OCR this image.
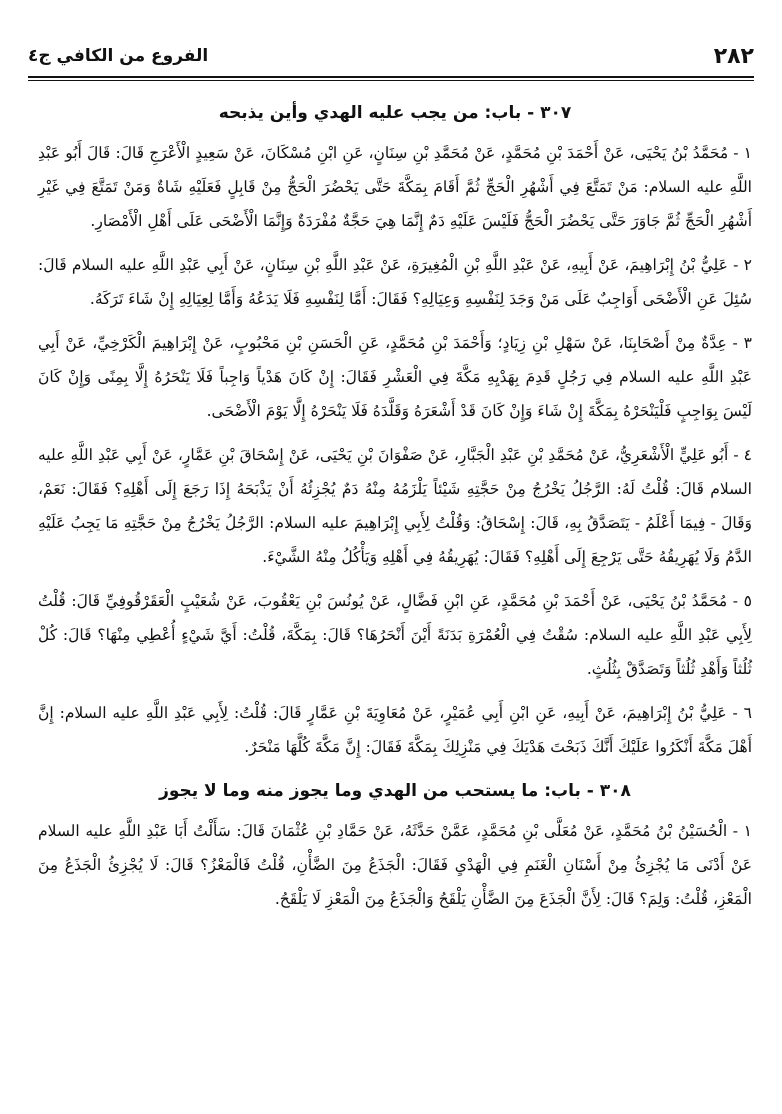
الفروع من الكافي ج٤	٢٨٢
٣٠٧ - باب: من يجب عليه الهدي وأين يذبحه

١ - مُحَمَّدُ بْنُ يَحْيَى، عَنْ أَحْمَدَ بْنِ مُحَمَّدٍ، عَنْ مُحَمَّدِ بْنِ سِنَانٍ، عَنِ ابْنِ مُسْكَانَ، عَنْ سَعِيدٍ الْأَعْرَجِ قَالَ: قَالَ أَبُو عَبْدِ اللَّهِ عليه السلام: مَنْ تَمَتَّعَ فِي أَشْهُرِ الْحَجِّ ثُمَّ أَقَامَ بِمَكَّةَ حَتَّى يَحْضُرَ الْحَجُّ مِنْ قَابِلٍ فَعَلَيْهِ شَاةٌ وَمَنْ تَمَتَّعَ فِي غَيْرِ أَشْهُرِ الْحَجِّ ثُمَّ جَاوَرَ حَتَّى يَحْضُرَ الْحَجُّ فَلَيْسَ عَلَيْهِ دَمٌ إِنَّمَا هِيَ حَجَّةٌ مُفْرَدَةٌ وَإِنَّمَا الْأَضْحَى عَلَى أَهْلِ الْأَمْصَارِ.

٢ - عَلِيُّ بْنُ إِبْرَاهِيمَ، عَنْ أَبِيهِ، عَنْ عَبْدِ اللَّهِ بْنِ الْمُغِيرَةِ، عَنْ عَبْدِ اللَّهِ بْنِ سِنَانٍ، عَنْ أَبِي عَبْدِ اللَّهِ عليه السلام قَالَ: سُئِلَ عَنِ الْأَضْحَى أَوَاجِبٌ عَلَى مَنْ وَجَدَ لِنَفْسِهِ وَعِيَالِهِ؟ فَقَالَ: أَمَّا لِنَفْسِهِ فَلَا يَدَعُهُ وَأَمَّا لِعِيَالِهِ إِنْ شَاءَ تَرَكَهُ.

٣ - عِدَّةٌ مِنْ أَصْحَابِنَا، عَنْ سَهْلِ بْنِ زِيَادٍ؛ وَأَحْمَدَ بْنِ مُحَمَّدٍ، عَنِ الْحَسَنِ بْنِ مَحْبُوبٍ، عَنْ إِبْرَاهِيمَ الْكَرْخِيِّ، عَنْ أَبِي عَبْدِ اللَّهِ عليه السلام فِي رَجُلٍ قَدِمَ بِهَدْيِهِ مَكَّةَ فِي الْعَشْرِ فَقَالَ: إِنْ كَانَ هَدْياً وَاجِباً فَلَا يَنْحَرُهُ إِلَّا بِمِنًى وَإِنْ كَانَ لَيْسَ بِوَاجِبٍ فَلْيَنْحَرْهُ بِمَكَّةَ إِنْ شَاءَ وَإِنْ كَانَ قَدْ أَشْعَرَهُ وَقَلَّدَهُ فَلَا يَنْحَرْهُ إِلَّا يَوْمَ الْأَضْحَى.

٤ - أَبُو عَلِيٍّ الْأَشْعَرِيُّ، عَنْ مُحَمَّدِ بْنِ عَبْدِ الْجَبَّارِ، عَنْ صَفْوَانَ بْنِ يَحْيَى، عَنْ إِسْحَاقَ بْنِ عَمَّارٍ، عَنْ أَبِي عَبْدِ اللَّهِ عليه السلام قَالَ: قُلْتُ لَهُ: الرَّجُلُ يَخْرُجُ مِنْ حَجَّتِهِ شَيْئاً يَلْزَمُهُ مِنْهُ دَمٌ يُجْزِئُهُ أَنْ يَذْبَحَهُ إِذَا رَجَعَ إِلَى أَهْلِهِ؟ فَقَالَ: نَعَمْ، وَقَالَ - فِيمَا أَعْلَمُ - يَتَصَدَّقُ بِهِ، قَالَ: إِسْحَاقُ: وَقُلْتُ لِأَبِي إِبْرَاهِيمَ عليه السلام: الرَّجُلُ يَخْرُجُ مِنْ حَجَّتِهِ مَا يَجِبُ عَلَيْهِ الدَّمُ وَلَا يُهَرِيقُهُ حَتَّى يَرْجِعَ إِلَى أَهْلِهِ؟ فَقَالَ: يُهَرِيقُهُ فِي أَهْلِهِ وَيَأْكُلُ مِنْهُ الشَّيْءَ.

٥ - مُحَمَّدُ بْنُ يَحْيَى، عَنْ أَحْمَدَ بْنِ مُحَمَّدٍ، عَنِ ابْنِ فَضَّالٍ، عَنْ يُونُسَ بْنِ يَعْقُوبَ، عَنْ شُعَيْبٍ الْعَقَرْقُوفِيِّ قَالَ: قُلْتُ لِأَبِي عَبْدِ اللَّهِ عليه السلام: سُقْتُ فِي الْعُمْرَةِ بَدَنَةً أَيْنَ أَنْحَرُهَا؟ قَالَ: بِمَكَّةَ، قُلْتُ: أَيَّ شَيْءٍ أُعْطِي مِنْهَا؟ قَالَ: كُلْ ثُلُثاً وَأَهْدِ ثُلُثاً وَتَصَدَّقْ بِثُلُثٍ.

٦ - عَلِيُّ بْنُ إِبْرَاهِيمَ، عَنْ أَبِيهِ، عَنِ ابْنِ أَبِي عُمَيْرٍ، عَنْ مُعَاوِيَةَ بْنِ عَمَّارٍ قَالَ: قُلْتُ: لِأَبِي عَبْدِ اللَّهِ عليه السلام: إِنَّ أَهْلَ مَكَّةَ أَنْكَرُوا عَلَيْكَ أَنَّكَ ذَبَحْتَ هَدْيَكَ فِي مَنْزِلِكَ بِمَكَّةَ فَقَالَ: إِنَّ مَكَّةَ كُلَّهَا مَنْحَرٌ.

٣٠٨ - باب: ما يستحب من الهدي وما يجوز منه وما لا يجوز

١ - الْحُسَيْنُ بْنُ مُحَمَّدٍ، عَنْ مُعَلَّى بْنِ مُحَمَّدٍ، عَمَّنْ حَدَّثَهُ، عَنْ حَمَّادِ بْنِ عُثْمَانَ قَالَ: سَأَلْتُ أَبَا عَبْدِ اللَّهِ عليه السلام عَنْ أَدْنَى مَا يُجْزِئُ مِنْ أَسْنَانِ الْغَنَمِ فِي الْهَدْيِ فَقَالَ: الْجَذَعُ مِنَ الضَّأْنِ، قُلْتُ فَالْمَعْزُ؟ قَالَ: لَا يُجْزِئُ الْجَذَعُ مِنَ الْمَعْزِ، قُلْتُ: وَلِمَ؟ قَالَ: لِأَنَّ الْجَذَعَ مِنَ الضَّأْنِ يَلْقَحُ وَالْجَذَعُ مِنَ الْمَعْزِ لَا يَلْقَحُ.
